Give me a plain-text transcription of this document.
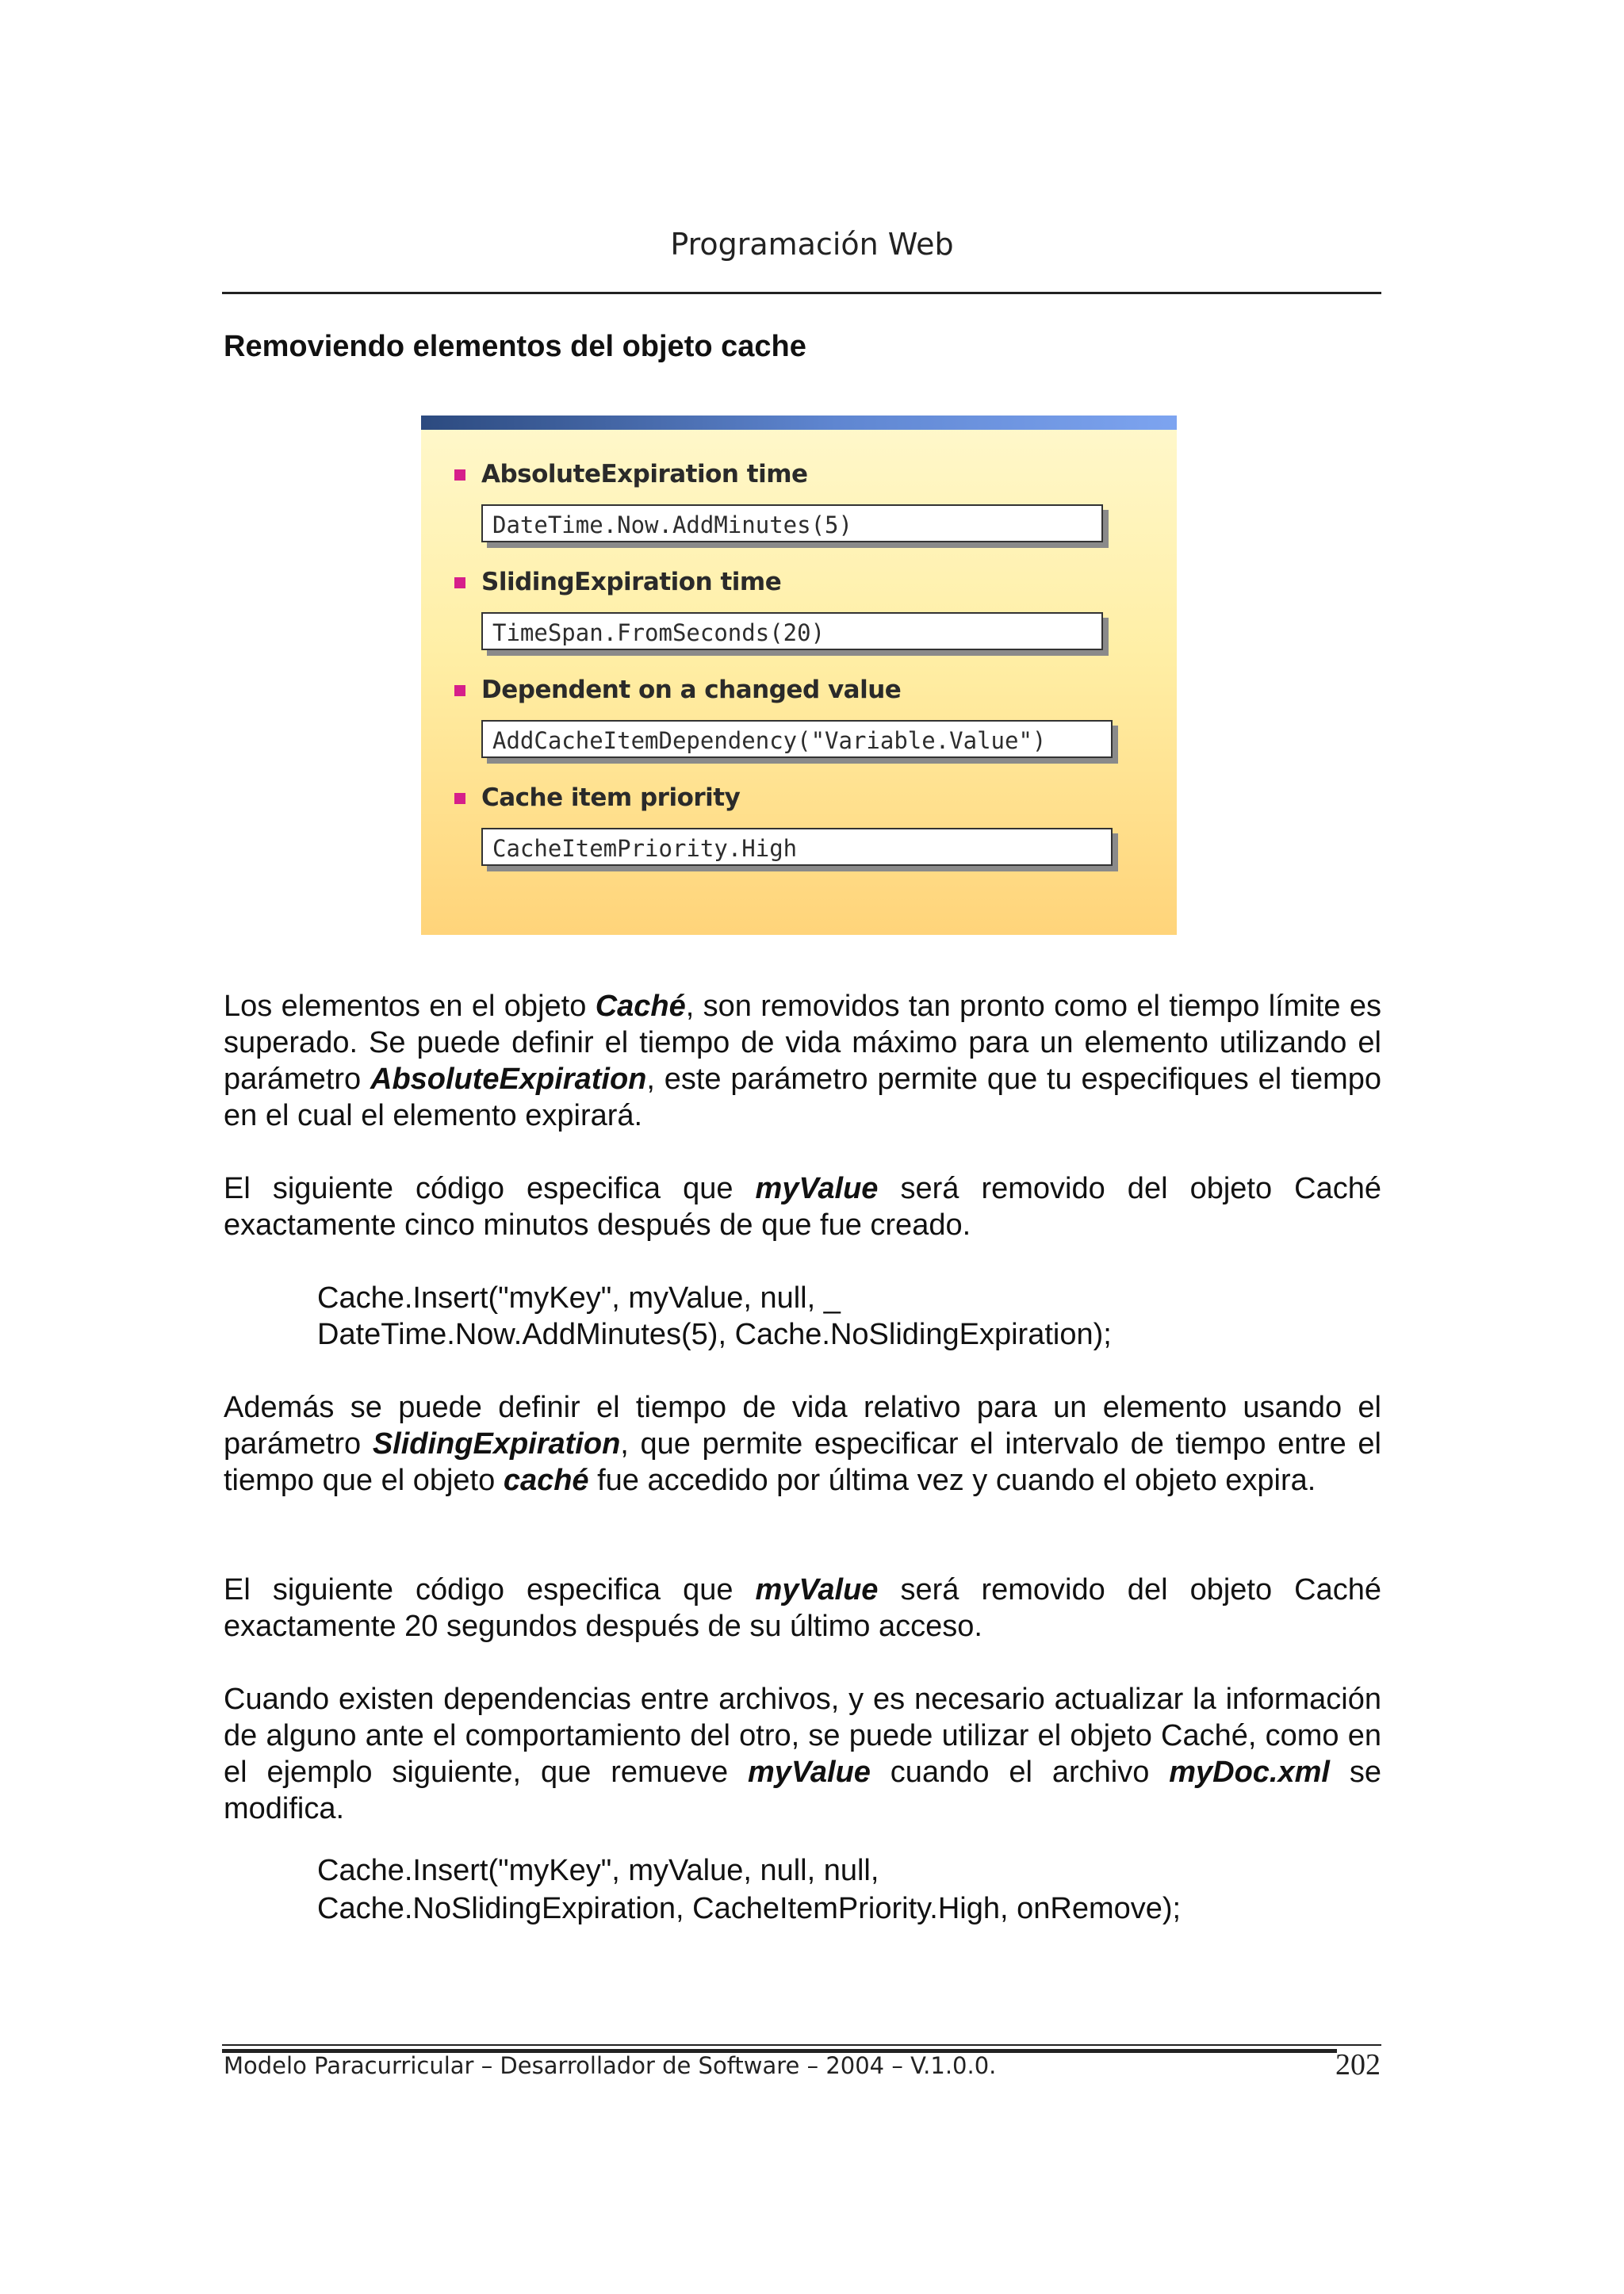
Programación Web
Removiendo elementos del objeto cache
AbsoluteExpiration time
DateTime.Now.AddMinutes(5)
SlidingExpiration time
TimeSpan.FromSeconds(20)
Dependent on a changed value
AddCacheItemDependency("Variable.Value")
Cache item priority
CacheItemPriority.High
Los elementos en el objeto Caché, son removidos tan pronto como el tiempo límite es superado. Se puede definir el tiempo de vida máximo para un elemento utilizando el parámetro AbsoluteExpiration, este parámetro permite que tu especifiques el tiempo en el cual el elemento expirará.
El siguiente código especifica que myValue será removido del objeto Caché exactamente cinco minutos después de que fue creado.
Cache.Insert("myKey", myValue, null, _
DateTime.Now.AddMinutes(5), Cache.NoSlidingExpiration);
Además se puede definir el tiempo de vida relativo para un elemento usando el parámetro SlidingExpiration, que permite especificar el intervalo de tiempo entre el tiempo que el objeto caché fue accedido por última vez y cuando el objeto expira.
El siguiente código especifica que myValue será removido del objeto Caché exactamente 20 segundos después de su último acceso.
Cuando existen dependencias entre archivos, y es necesario actualizar la información de alguno ante el comportamiento del otro, se puede utilizar el objeto Caché, como en el ejemplo siguiente, que remueve myValue cuando el archivo myDoc.xml se modifica.
Cache.Insert("myKey", myValue, null, null,
Cache.NoSlidingExpiration, CacheItemPriority.High, onRemove);
Modelo Paracurricular – Desarrollador de Software – 2004 – V.1.0.0.	202
